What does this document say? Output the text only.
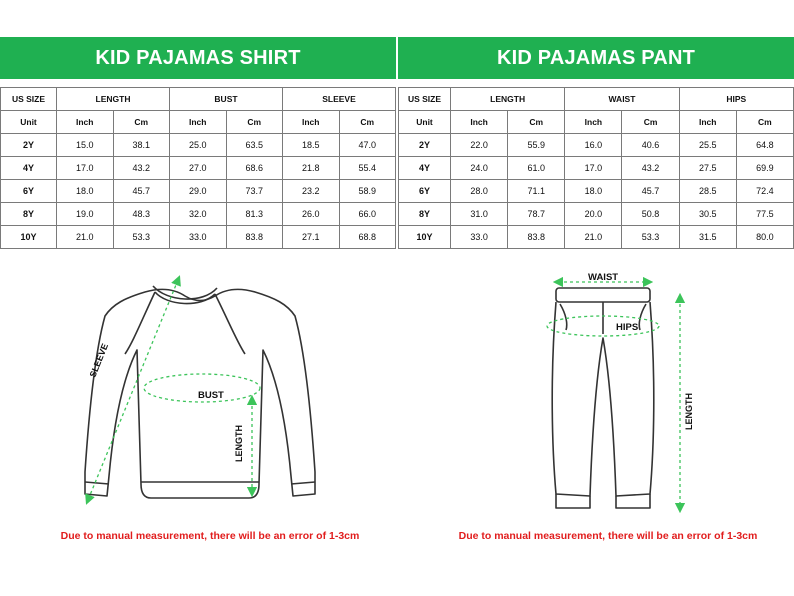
KID PAJAMAS SHIRT
US SIZE	LENGTH		BUST		SLEEVE	
Unit	Inch	Cm	Inch	Cm	Inch	Cm
2Y	15.0	38.1	25.0	63.5	18.5	47.0
4Y	17.0	43.2	27.0	68.6	21.8	55.4
6Y	18.0	45.7	29.0	73.7	23.2	58.9
8Y	19.0	48.3	32.0	81.3	26.0	66.0
10Y	21.0	53.3	33.0	83.8	27.1	68.8
KID PAJAMAS PANT
US SIZE	LENGTH		WAIST		HIPS	
Unit	Inch	Cm	Inch	Cm	Inch	Cm
2Y	22.0	55.9	16.0	40.6	25.5	64.8
4Y	24.0	61.0	17.0	43.2	27.5	69.9
6Y	28.0	71.1	18.0	45.7	28.5	72.4
8Y	31.0	78.7	20.0	50.8	30.5	77.5
10Y	33.0	83.8	21.0	53.3	31.5	80.0
SLEEVE
BUST
LENGTH
WAIST
HIPS
LENGTH
Due to manual measurement, there will be an error of 1-3cm	Due to manual measurement, there will be an error of 1-3cm
